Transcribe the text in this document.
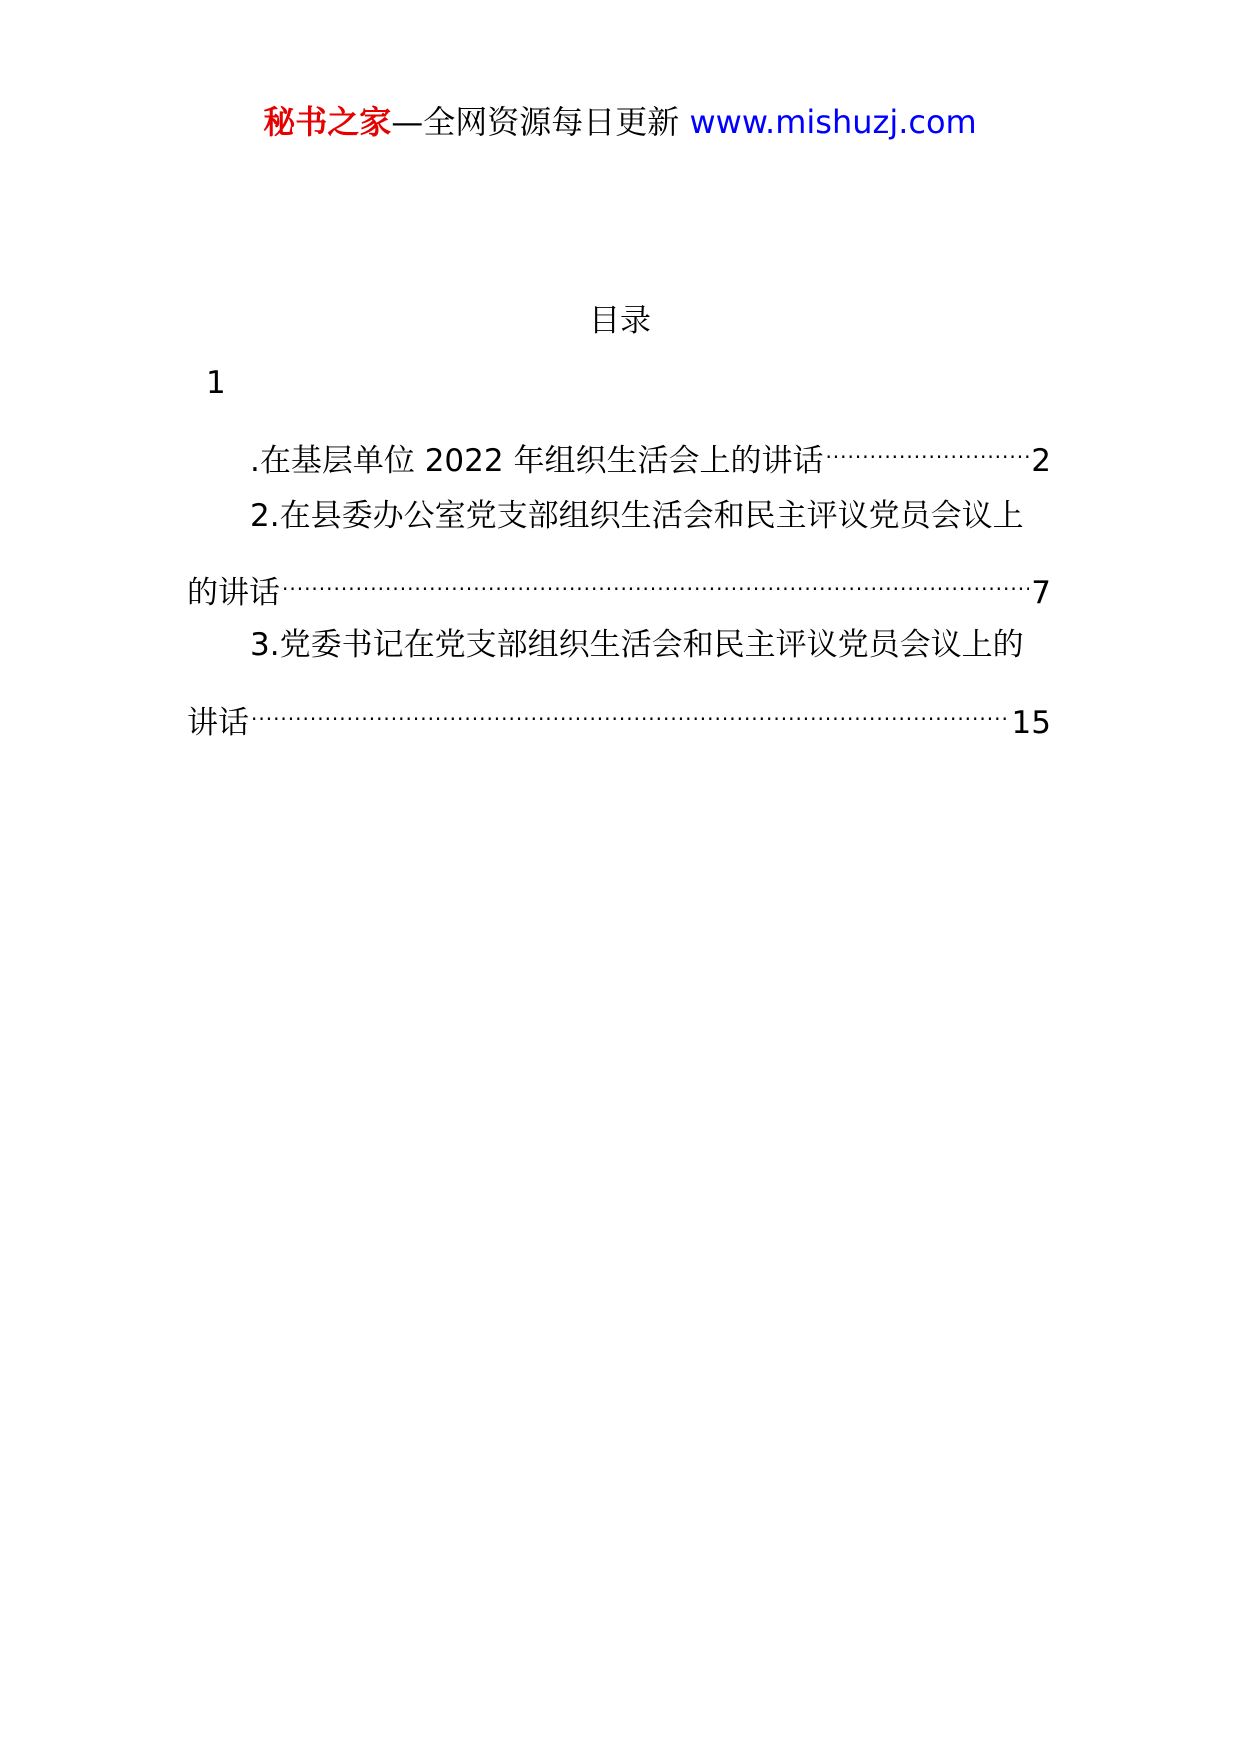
秘书之家—全网资源每日更新 www.mishuzj.com
目录
1
.在基层单位 2022 年组织生活会上的讲话 .....	2
2.在县委办公室党支部组织生活会和民主评议党员会议上
的讲话 .....	7
3.党委书记在党支部组织生活会和民主评议党员会议上的
讲话 .....	15
